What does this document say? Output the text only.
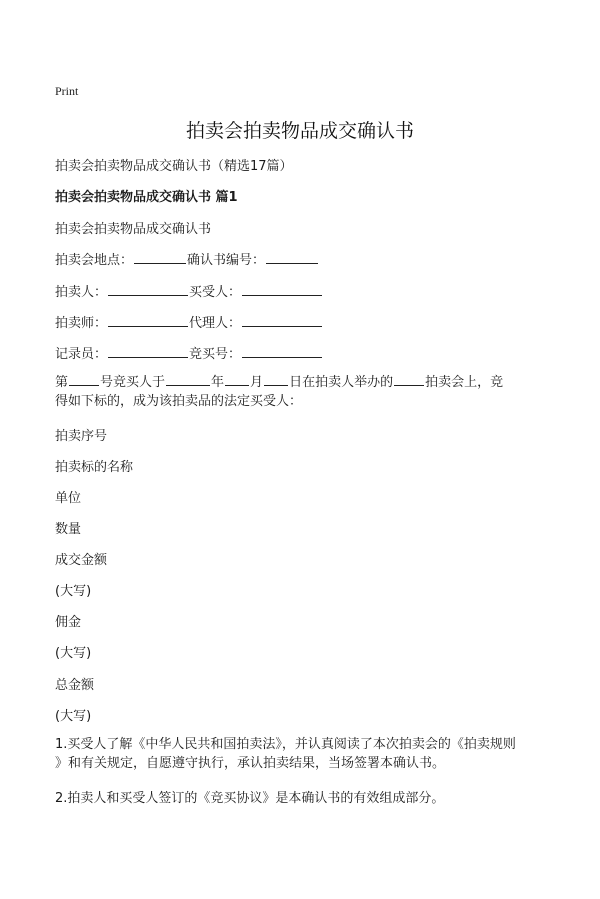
Print
拍卖会拍卖物品成交确认书
拍卖会拍卖物品成交确认书（精选17篇）
拍卖会拍卖物品成交确认书 篇1
拍卖会拍卖物品成交确认书
拍卖会地点：	确认书编号：
拍卖人：	买受人：
拍卖师：	代理人：
记录员：	竞买号：
第 号竞买人于	年 月 日在拍卖人举办的 拍卖会上，竞
得如下标的，成为该拍卖品的法定买受人：
拍卖序号
拍卖标的名称
单位
数量
成交金额
(大写)
佣金
(大写)
总金额
(大写)
1.买受人了解《中华人民共和国拍卖法》，并认真阅读了本次拍卖会的《拍卖规则
》和有关规定，自愿遵守执行，承认拍卖结果，当场签署本确认书。
2.拍卖人和买受人签订的《竞买协议》是本确认书的有效组成部分。
